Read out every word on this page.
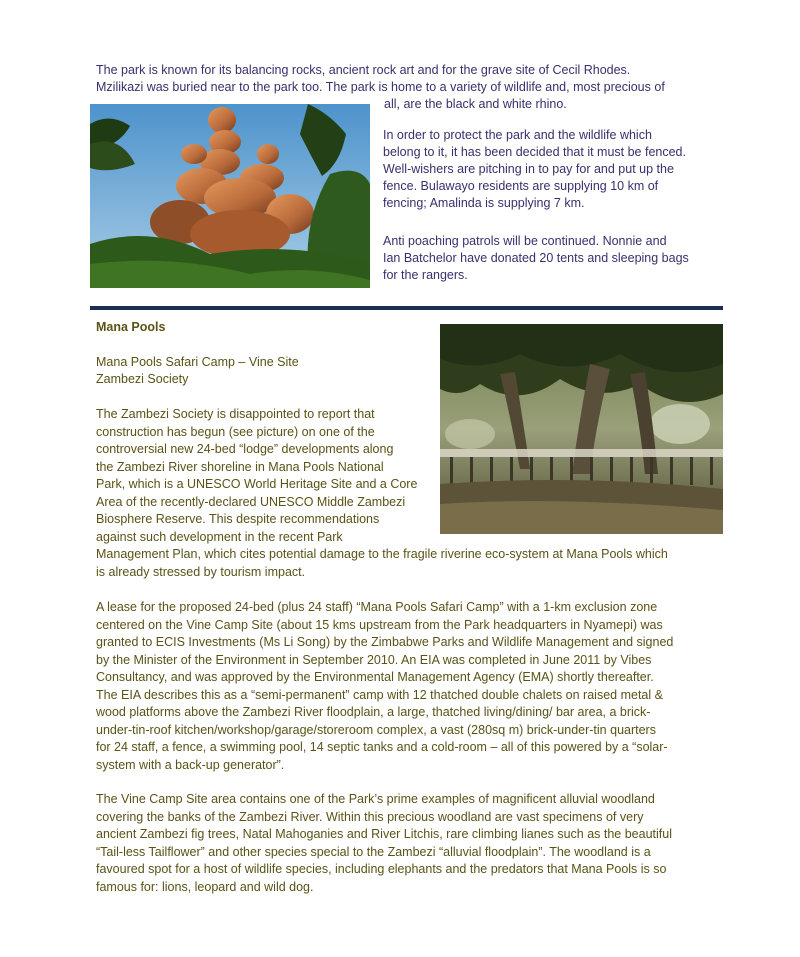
The park is known for its balancing rocks, ancient rock art and for the grave site of Cecil Rhodes.
Mzilikazi was buried near to the park too. The park is home to a variety of wildlife and, most precious of
all, are the black and white rhino.
In order to protect the park and the wildlife which
belong to it, it has been decided that it must be fenced.
Well-wishers are pitching in to pay for and put up the
fence. Bulawayo residents are supplying 10 km of
fencing; Amalinda is supplying 7 km.
Anti poaching patrols will be continued. Nonnie and
Ian Batchelor have donated 20 tents and sleeping bags
for the rangers.
Mana Pools
Mana Pools Safari Camp – Vine Site
Zambezi Society
The Zambezi Society is disappointed to report that
construction has begun (see picture) on one of the
controversial new 24-bed “lodge” developments along
the Zambezi River shoreline in Mana Pools National
Park, which is a UNESCO World Heritage Site and a Core
Area of the recently-declared UNESCO Middle Zambezi
Biosphere Reserve. This despite recommendations
against such development in the recent Park
Management Plan, which cites potential damage to the fragile riverine eco-system at Mana Pools which
is already stressed by tourism impact.
A lease for the proposed 24-bed (plus 24 staff) “Mana Pools Safari Camp” with a 1-km exclusion zone
centered on the Vine Camp Site (about 15 kms upstream from the Park headquarters in Nyamepi) was
granted to ECIS Investments (Ms Li Song) by the Zimbabwe Parks and Wildlife Management and signed
by the Minister of the Environment in September 2010. An EIA was completed in June 2011 by Vibes
Consultancy, and was approved by the Environmental Management Agency (EMA) shortly thereafter.
The EIA describes this as a “semi-permanent” camp with 12 thatched double chalets on raised metal &
wood platforms above the Zambezi River floodplain, a large, thatched living/dining/ bar area, a brick-
under-tin-roof kitchen/workshop/garage/storeroom complex, a vast (280sq m) brick-under-tin quarters
for 24 staff, a fence, a swimming pool, 14 septic tanks and a cold-room – all of this powered by a “solar-
system with a back-up generator”.
The Vine Camp Site area contains one of the Park’s prime examples of magnificent alluvial woodland
covering the banks of the Zambezi River. Within this precious woodland are vast specimens of very
ancient Zambezi fig trees, Natal Mahoganies and River Litchis, rare climbing lianes such as the beautiful
“Tail-less Tailflower” and other species special to the Zambezi “alluvial floodplain”. The woodland is a
favoured spot for a host of wildlife species, including elephants and the predators that Mana Pools is so
famous for: lions, leopard and wild dog.
